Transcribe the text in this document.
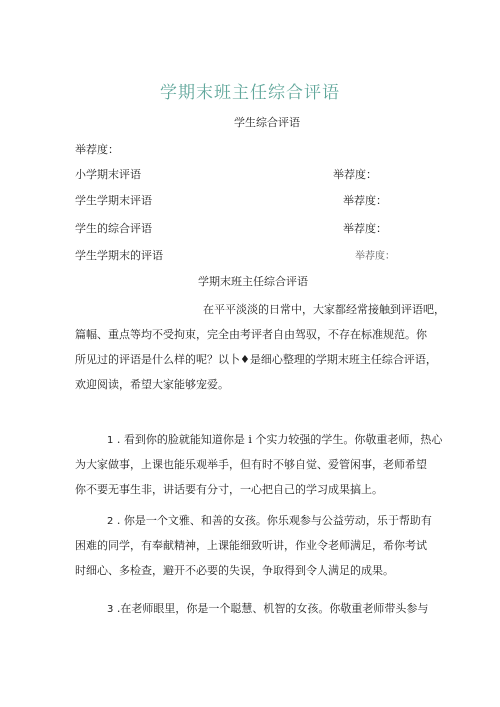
学期末班主任综合评语
学生综合评语
举荐度：
小学期末评语	举荐度：
学生学期末评语	举荐度：
学生的综合评语	举荐度：
学生学期末的评语	举荐度：
学期末班主任综合评语
在平平淡淡的日常中，大家都经常接触到评语吧，
篇幅、重点等均不受拘束，完全由考评者自由驾驭，不存在标准规范。你
所见过的评语是什么样的呢？以卜♦是细心整理的学期末班主任综合评语，
欢迎阅读，希望大家能够宠爱。
1 . 看到你的脸就能知道你是 i 个实力较强的学生。你敬重老师，热心
为大家做事，上课也能乐观举手，但有时不够自觉、爱管闲事，老师希望
你不要无事生非，讲话要有分寸，一心把自己的学习成果搞上。
2 . 你是一个文雅、和善的女孩。你乐观参与公益劳动，乐于帮助有
困难的同学，有奉献精神，上课能细致听讲，作业令老师满足，希你考试
时细心、多检查，避开不必要的失误，争取得到令人满足的成果。
3 .在老师眼里，你是一个聪慧、机智的女孩。你敬重老师带头参与
